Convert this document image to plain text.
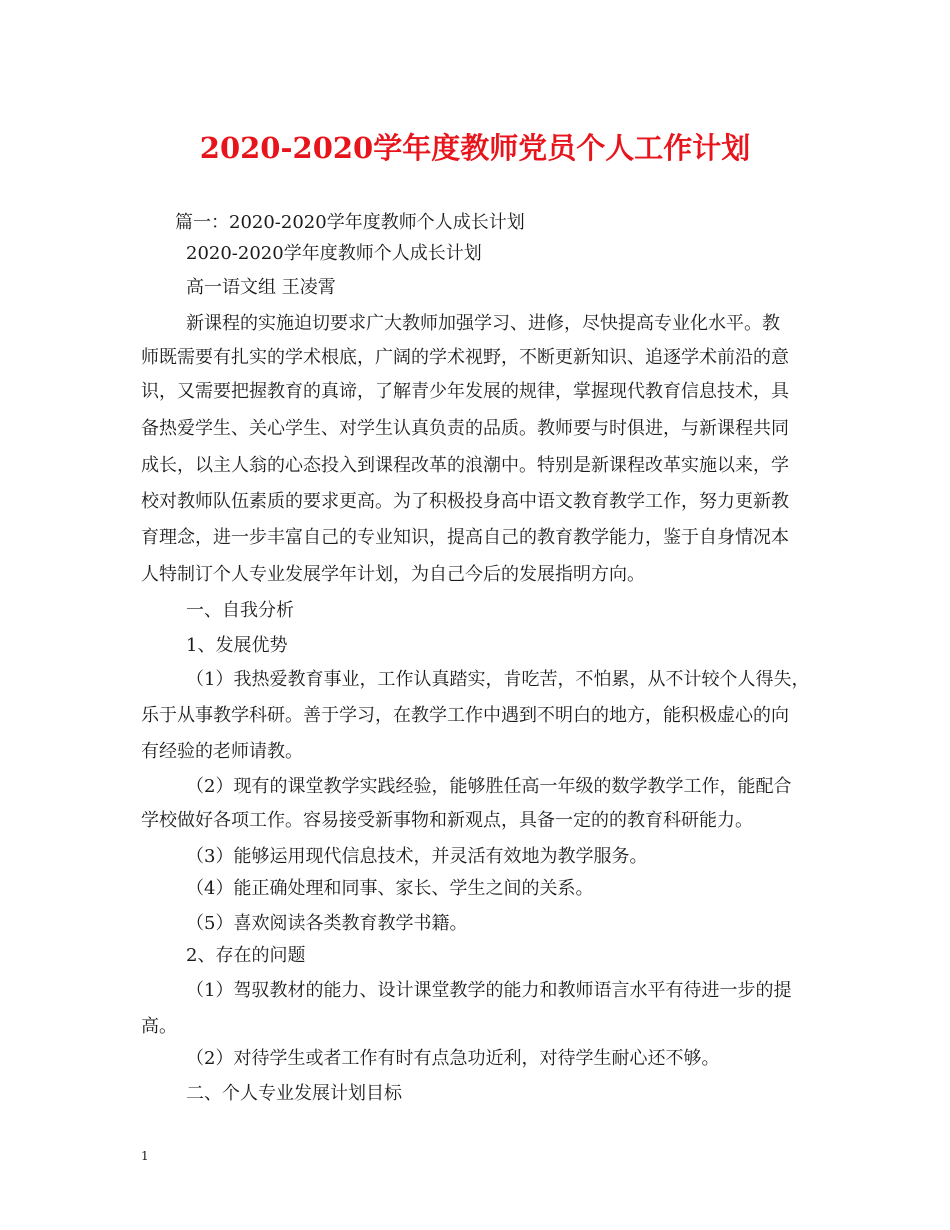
2020-2020学年度教师党员个人工作计划
篇一：2020-2020学年度教师个人成长计划
2020-2020学年度教师个人成长计划
高一语文组 王凌霄
新课程的实施迫切要求广大教师加强学习、进修，尽快提高专业化水平。教
师既需要有扎实的学术根底，广阔的学术视野，不断更新知识、追逐学术前沿的意
识，又需要把握教育的真谛，了解青少年发展的规律，掌握现代教育信息技术，具
备热爱学生、关心学生、对学生认真负责的品质。教师要与时俱进，与新课程共同
成长，以主人翁的心态投入到课程改革的浪潮中。特别是新课程改革实施以来，学
校对教师队伍素质的要求更高。为了积极投身高中语文教育教学工作，努力更新教
育理念，进一步丰富自己的专业知识，提高自己的教育教学能力，鉴于自身情况本
人特制订个人专业发展学年计划，为自己今后的发展指明方向。
一、自我分析
1、发展优势
（1）我热爱教育事业，工作认真踏实，肯吃苦，不怕累，从不计较个人得失，
乐于从事教学科研。善于学习，在教学工作中遇到不明白的地方，能积极虚心的向
有经验的老师请教。
（2）现有的课堂教学实践经验，能够胜任高一年级的数学教学工作，能配合
学校做好各项工作。容易接受新事物和新观点，具备一定的的教育科研能力。
（3）能够运用现代信息技术，并灵活有效地为教学服务。
（4）能正确处理和同事、家长、学生之间的关系。
（5）喜欢阅读各类教育教学书籍。
2、存在的问题
（1）驾驭教材的能力、设计课堂教学的能力和教师语言水平有待进一步的提
高。
（2）对待学生或者工作有时有点急功近利，对待学生耐心还不够。
二、个人专业发展计划目标
1
